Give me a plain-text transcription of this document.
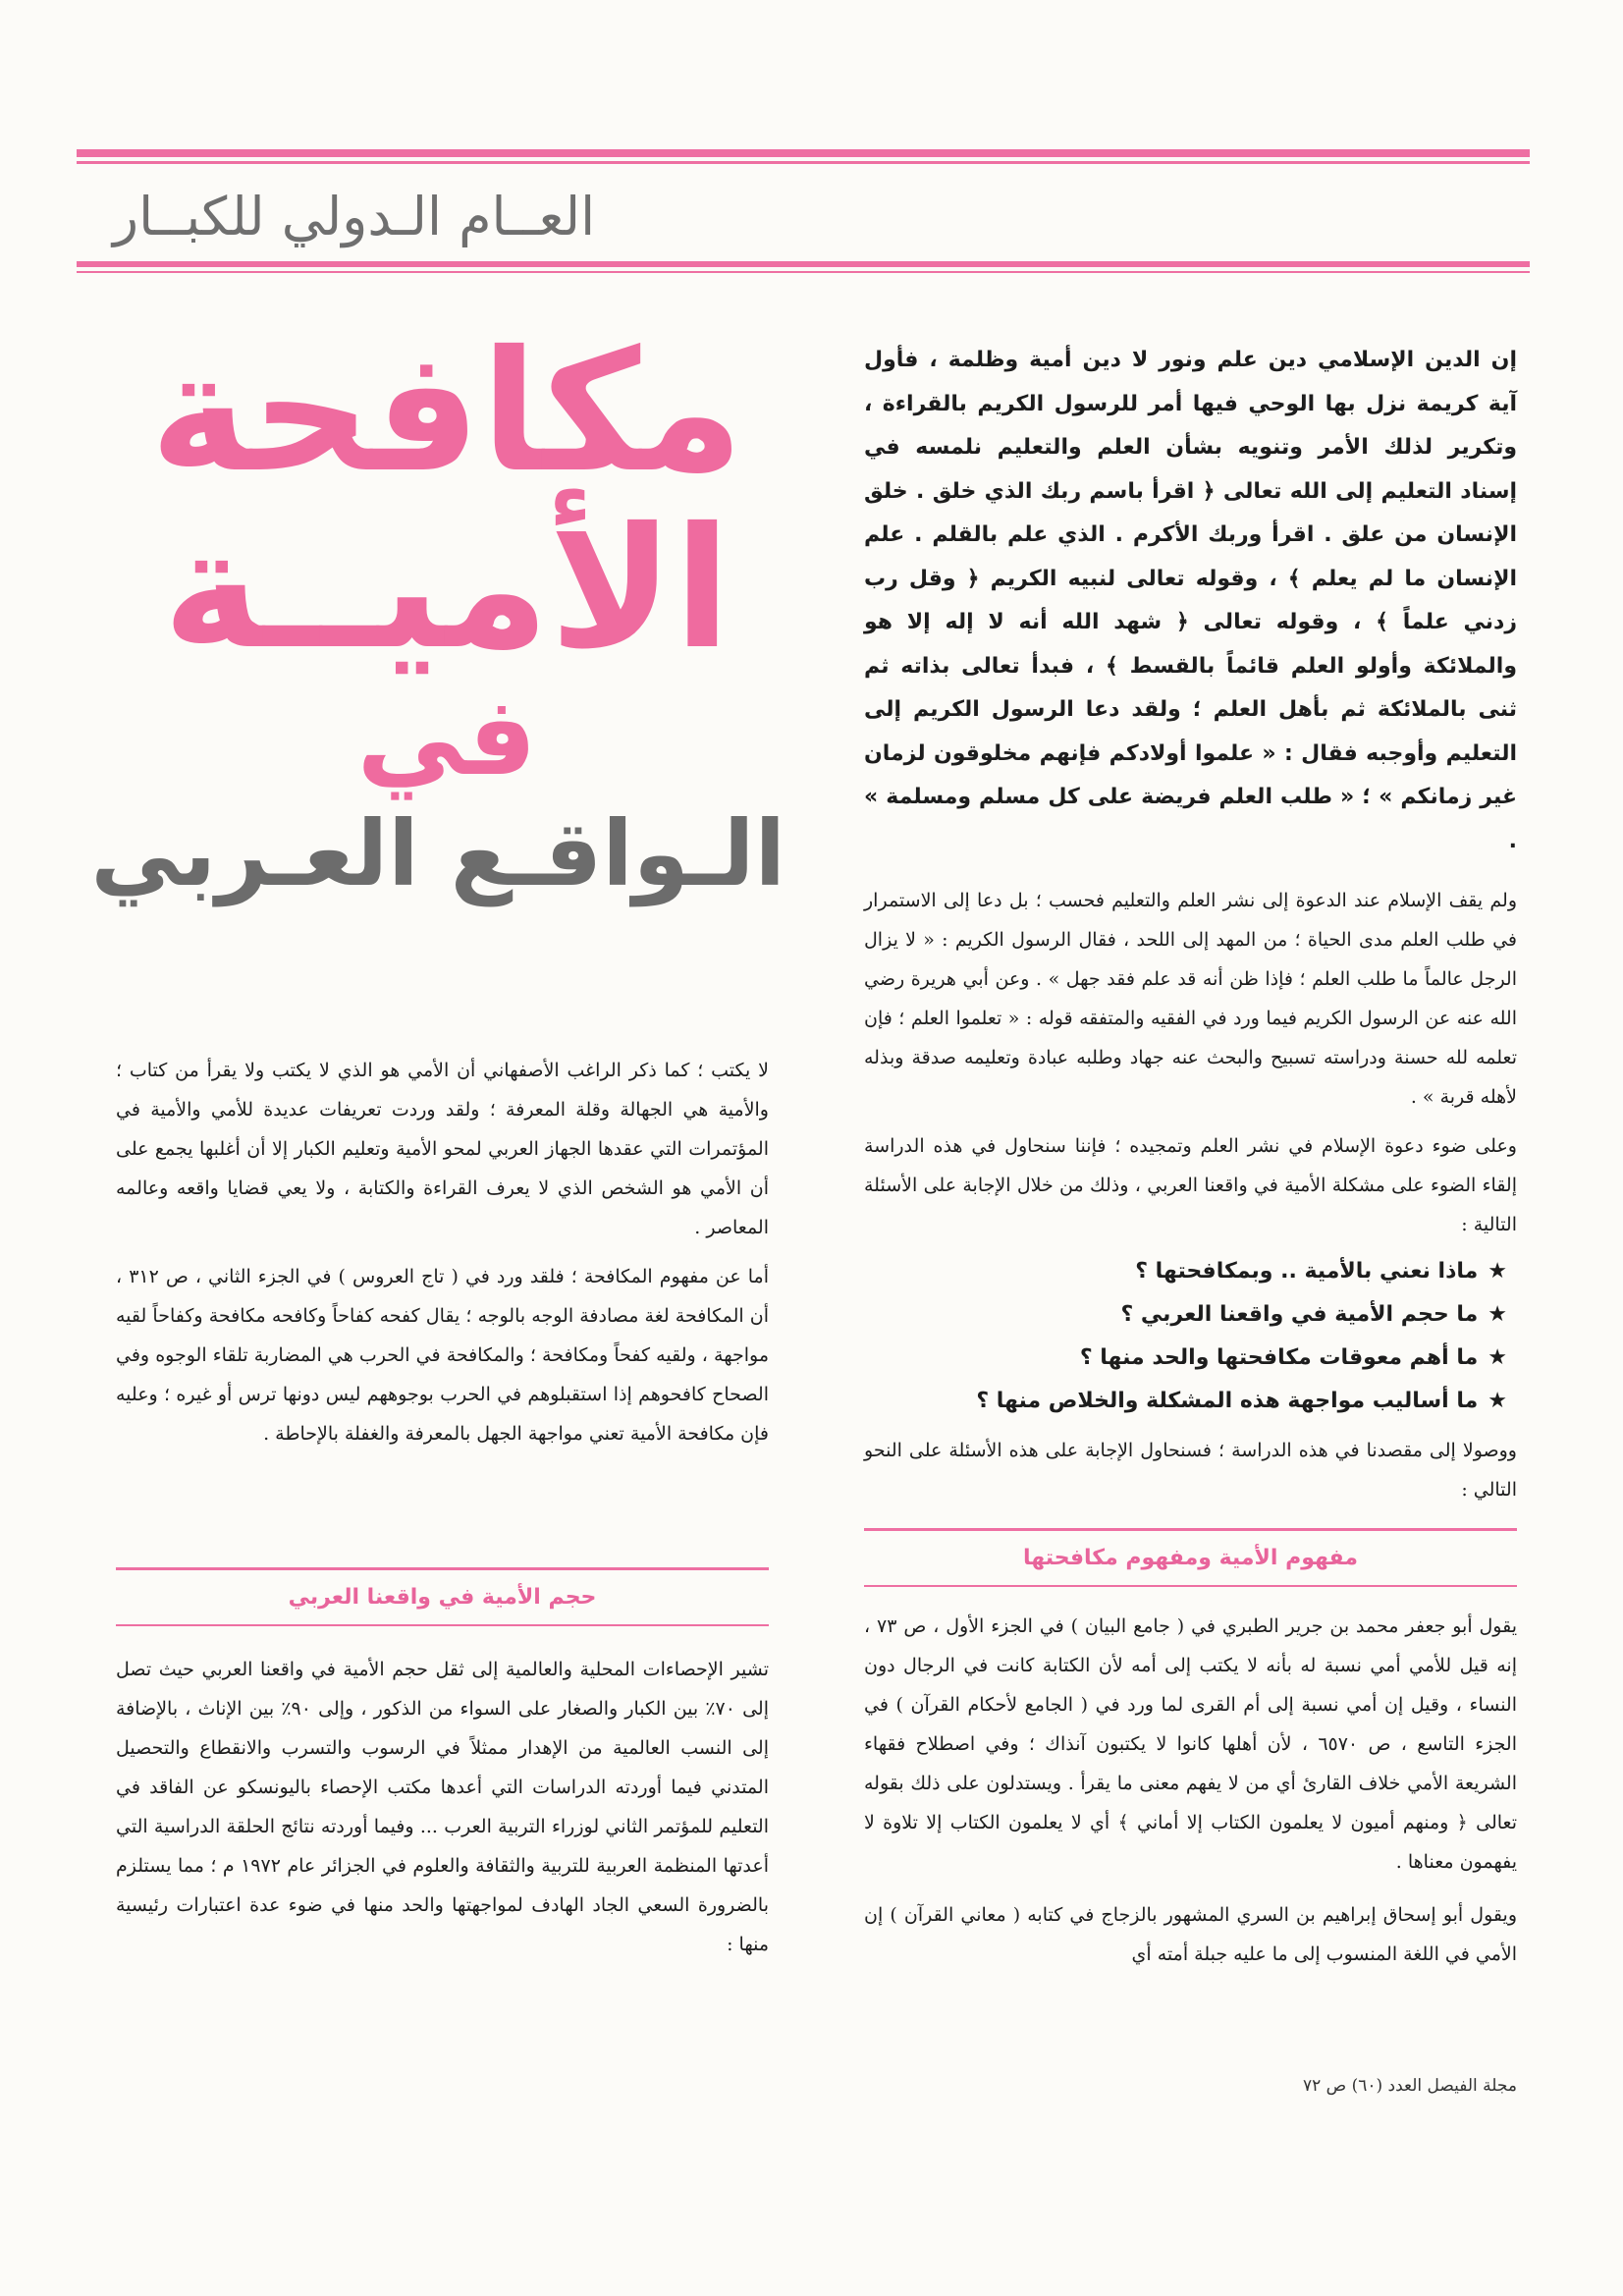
العــام الـدولي للكبــار
مكافحة
الأميــة
في
الـواقـع العـربي

إن الدين الإسلامي دين علم ونور لا دين أمية وظلمة ، فأول آية كريمة نزل بها الوحي فيها أمر للرسول الكريم بالقراءة ، وتكرير لذلك الأمر وتنويه بشأن العلم والتعليم نلمسه في إسناد التعليم إلى الله تعالى ﴿ اقرأ باسم ربك الذي خلق . خلق الإنسان من علق . اقرأ وربك الأكرم . الذي علم بالقلم . علم الإنسان ما لم يعلم ﴾ ، وقوله تعالى لنبيه الكريم ﴿ وقل رب زدني علماً ﴾ ، وقوله تعالى ﴿ شهد الله أنه لا إله إلا هو والملائكة وأولو العلم قائماً بالقسط ﴾ ، فبدأ تعالى بذاته ثم ثنى بالملائكة ثم بأهل العلم ؛ ولقد دعا الرسول الكريم إلى التعليم وأوجبه فقال : « علموا أولادكم فإنهم مخلوقون لزمان غير زمانكم » ؛ « طلب العلم فريضة على كل مسلم ومسلمة » .

ولم يقف الإسلام عند الدعوة إلى نشر العلم والتعليم فحسب ؛ بل دعا إلى الاستمرار في طلب العلم مدى الحياة ؛ من المهد إلى اللحد ، فقال الرسول الكريم : « لا يزال الرجل عالماً ما طلب العلم ؛ فإذا ظن أنه قد علم فقد جهل » . وعن أبي هريرة رضي الله عنه عن الرسول الكريم فيما ورد في الفقيه والمتفقه قوله : « تعلموا العلم ؛ فإن تعلمه لله حسنة ودراسته تسبيح والبحث عنه جهاد وطلبه عبادة وتعليمه صدقة وبذله لأهله قربة » .

وعلى ضوء دعوة الإسلام في نشر العلم وتمجيده ؛ فإننا سنحاول في هذه الدراسة إلقاء الضوء على مشكلة الأمية في واقعنا العربي ، وذلك من خلال الإجابة على الأسئلة التالية :

★ماذا نعني بالأمية .. وبمكافحتها ؟
★ما حجم الأمية في واقعنا العربي ؟
★ما أهم معوقات مكافحتها والحد منها ؟
★ما أساليب مواجهة هذه المشكلة والخلاص منها ؟

ووصولا إلى مقصدنا في هذه الدراسة ؛ فسنحاول الإجابة على هذه الأسئلة على النحو التالي :

مفهوم الأمية ومفهوم مكافحتها

يقول أبو جعفر محمد بن جرير الطبري في ( جامع البيان ) في الجزء الأول ، ص ٧٣ ، إنه قيل للأمي أمي نسبة له بأنه لا يكتب إلى أمه لأن الكتابة كانت في الرجال دون النساء ، وقيل إن أمي نسبة إلى أم القرى لما ورد في ( الجامع لأحكام القرآن ) في الجزء التاسع ، ص ٦٥٧٠ ، لأن أهلها كانوا لا يكتبون آنذاك ؛ وفي اصطلاح فقهاء الشريعة الأمي خلاف القارئ أي من لا يفهم معنى ما يقرأ . ويستدلون على ذلك بقوله تعالى ﴿ ومنهم أميون لا يعلمون الكتاب إلا أماني ﴾ أي لا يعلمون الكتاب إلا تلاوة لا يفهمون معناها .

ويقول أبو إسحاق إبراهيم بن السري المشهور بالزجاج في كتابه ( معاني القرآن ) إن الأمي في اللغة المنسوب إلى ما عليه جبلة أمته أي

لا يكتب ؛ كما ذكر الراغب الأصفهاني أن الأمي هو الذي لا يكتب ولا يقرأ من كتاب ؛ والأمية هي الجهالة وقلة المعرفة ؛ ولقد وردت تعريفات عديدة للأمي والأمية في المؤتمرات التي عقدها الجهاز العربي لمحو الأمية وتعليم الكبار إلا أن أغلبها يجمع على أن الأمي هو الشخص الذي لا يعرف القراءة والكتابة ، ولا يعي قضايا واقعه وعالمه المعاصر .

أما عن مفهوم المكافحة ؛ فلقد ورد في ( تاج العروس ) في الجزء الثاني ، ص ٣١٢ ، أن المكافحة لغة مصادفة الوجه بالوجه ؛ يقال كفحه كفاحاً وكافحه مكافحة وكفاحاً لقيه مواجهة ، ولقيه كفحاً ومكافحة ؛ والمكافحة في الحرب هي المضاربة تلقاء الوجوه وفي الصحاح كافحوهم إذا استقبلوهم في الحرب بوجوههم ليس دونها ترس أو غيره ؛ وعليه فإن مكافحة الأمية تعني مواجهة الجهل بالمعرفة والغفلة بالإحاطة .

حجم الأمية في واقعنا العربي

تشير الإحصاءات المحلية والعالمية إلى ثقل حجم الأمية في واقعنا العربي حيث تصل إلى ٧٠٪ بين الكبار والصغار على السواء من الذكور ، وإلى ٩٠٪ بين الإناث ، بالإضافة إلى النسب العالمية من الإهدار ممثلاً في الرسوب والتسرب والانقطاع والتحصيل المتدني فيما أوردته الدراسات التي أعدها مكتب الإحصاء باليونسكو عن الفاقد في التعليم للمؤتمر الثاني لوزراء التربية العرب ... وفيما أوردته نتائج الحلقة الدراسية التي أعدتها المنظمة العربية للتربية والثقافة والعلوم في الجزائر عام ١٩٧٢ م ؛ مما يستلزم بالضرورة السعي الجاد الهادف لمواجهتها والحد منها في ضوء عدة اعتبارات رئيسية منها :

مجلة الفيصل العدد (٦٠) ص ٧٢
